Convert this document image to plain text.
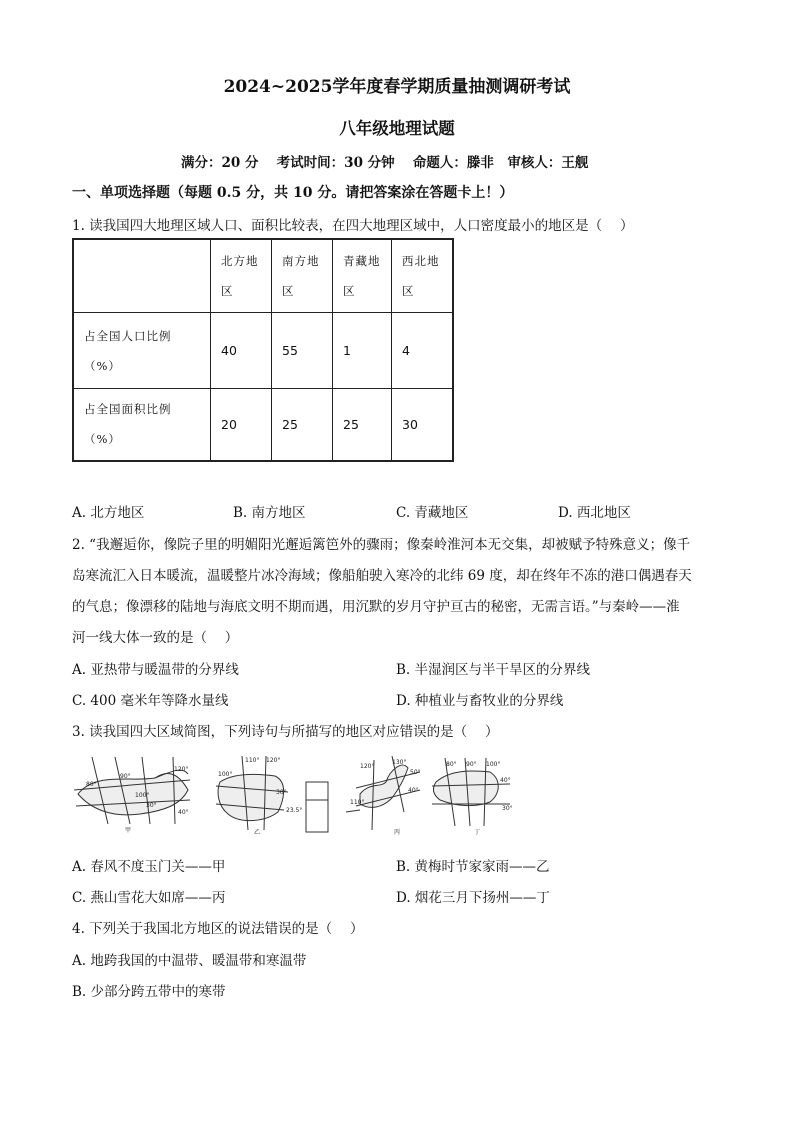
2024~2025学年度春学期质量抽测调研考试
八年级地理试题
满分：20 分　 考试时间：30 分钟　 命题人：滕非　审核人：王舰
一、单项选择题（每题 0.5 分，共 10 分。请把答案涂在答题卡上！）
1. 读我国四大地理区域人口、面积比较表，在四大地理区域中，人口密度最小的地区是（　 ）
	北方地区	南方地区	青藏地区	西北地区
占全国人口比例（%）	40	55	1	4
占全国面积比例（%）	20	25	25	30
A. 北方地区	B. 南方地区	C. 青藏地区	D. 西北地区
2. “我邂逅你，像院子里的明媚阳光邂逅篱笆外的骤雨；像秦岭淮河本无交集，却被赋予特殊意义；像千
岛寒流汇入日本暖流，温暖整片冰冷海域；像船舶驶入寒冷的北纬 69 度，却在终年不冻的港口偶遇春天
的气息；像漂移的陆地与海底文明不期而遇，用沉默的岁月守护亘古的秘密，无需言语。”与秦岭——淮
河一线大体一致的是（　 ）
A. 亚热带与暖温带的分界线	B. 半湿润区与半干旱区的分界线
C. 400 毫米年等降水量线	D. 种植业与畜牧业的分界线
3. 读我国四大区域简图，下列诗句与所描写的地区对应错误的是（　 ）
80°
90°
100°
120°
40°
30°
甲
110° 120°
100°
30°
23.5°
乙
120°
130°
50°
40°
110°
丙
80° 90° 100°
40°
30°
丁
A. 春风不度玉门关——甲	B. 黄梅时节家家雨——乙
C. 燕山雪花大如席——丙	D. 烟花三月下扬州——丁
4. 下列关于我国北方地区的说法错误的是（　 ）
A. 地跨我国的中温带、暖温带和寒温带
B. 少部分跨五带中的寒带
